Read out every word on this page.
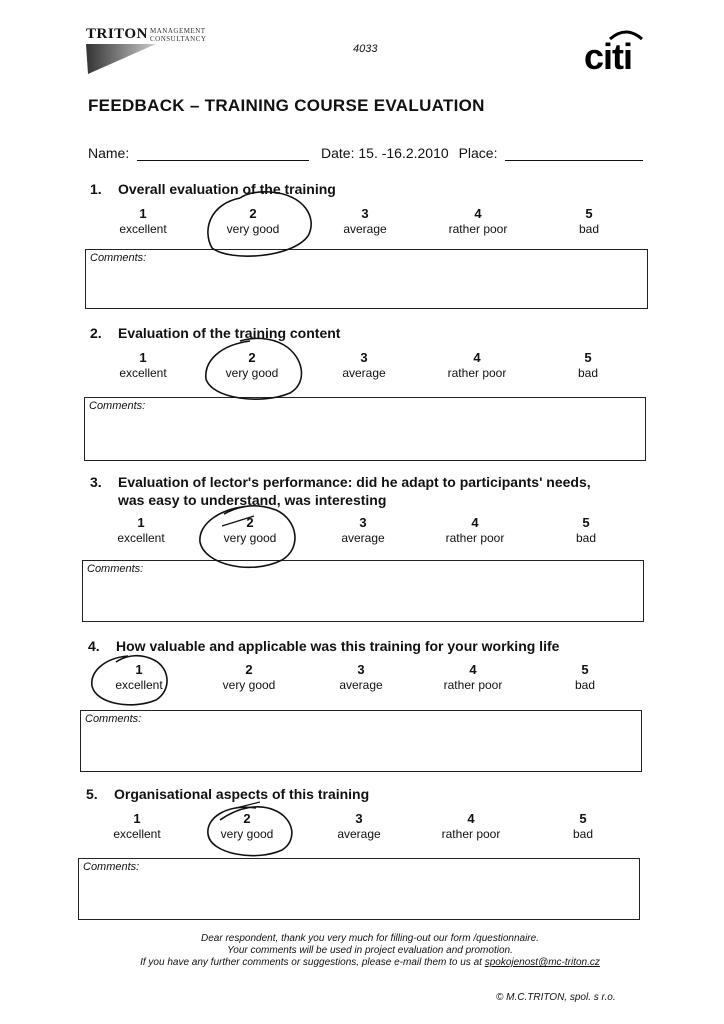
TRITON MANAGEMENT
CONSULTANCY
4033	citi
FEEDBACK – TRAINING COURSE EVALUATION
Name:	Date: 15. -16.2.2010 Place:
1. Overall evaluation of the training
1
excellent
2
very good
3
average
4
rather poor
5
bad
Comments:
2. Evaluation of the training content
1
excellent
2
very good
3
average
4
rather poor
5
bad
Comments:
3. Evaluation of lector's performance: did he adapt to participants' needs,
was easy to understand, was interesting
1
excellent
2
very good
3
average
4
rather poor
5
bad
Comments:
4. How valuable and applicable was this training for your working life
1
excellent
2
very good
3
average
4
rather poor
5
bad
Comments:
5. Organisational aspects of this training
1
excellent
2
very good
3
average
4
rather poor
5
bad
Comments:
Dear respondent, thank you very much for filling-out our form /questionnaire.
Your comments will be used in project evaluation and promotion.
If you have any further comments or suggestions, please e-mail them to us at spokojenost@mc-triton.cz
© M.C.TRITON, spol. s r.o.
